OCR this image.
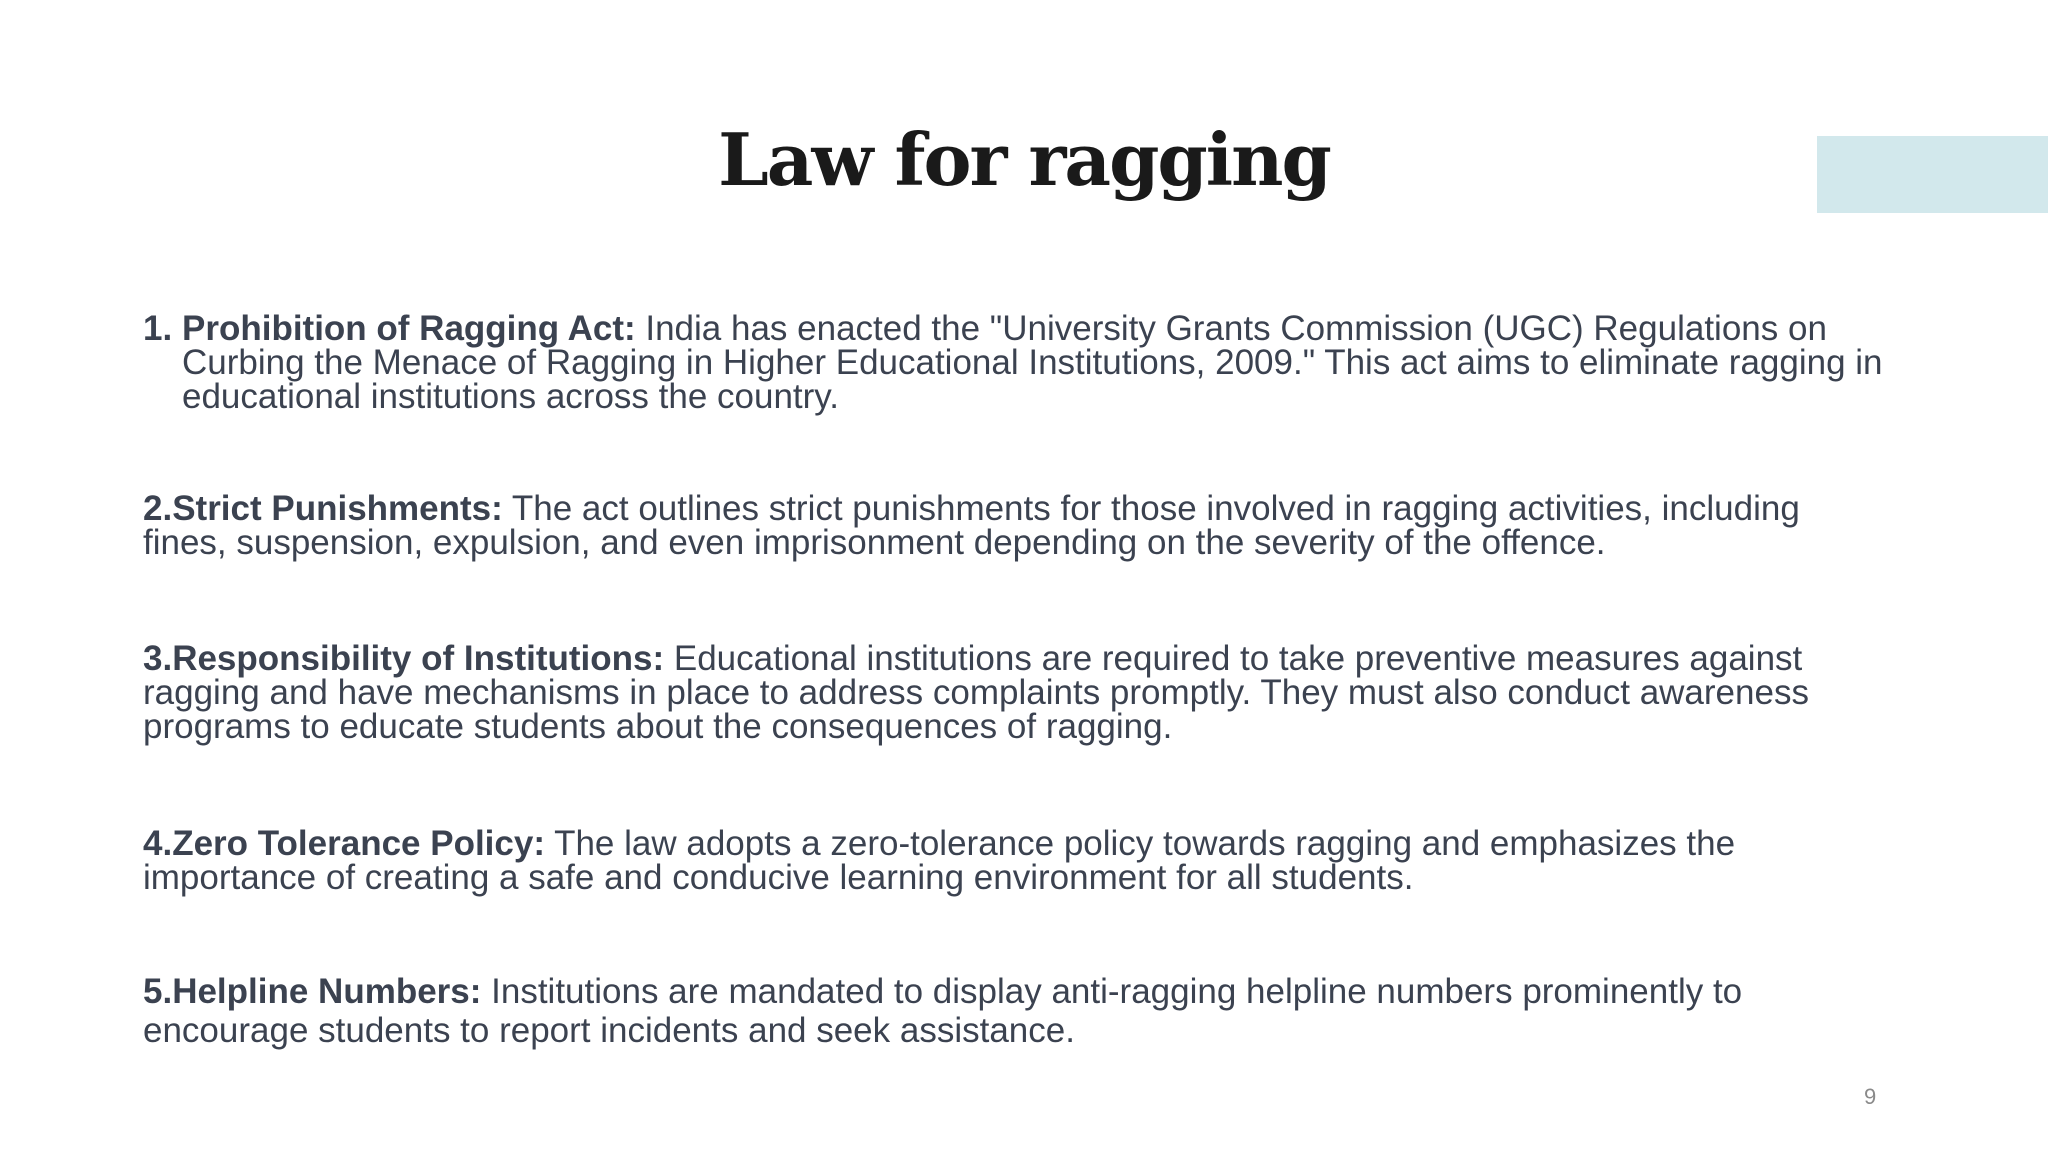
Law for ragging
1. Prohibition of Ragging Act: India has enacted the "University Grants Commission (UGC) Regulations on Curbing the Menace of Ragging in Higher Educational Institutions, 2009." This act aims to eliminate ragging in educational institutions across the country.
2.Strict Punishments: The act outlines strict punishments for those involved in ragging activities, including fines, suspension, expulsion, and even imprisonment depending on the severity of the offence.
3.Responsibility of Institutions: Educational institutions are required to take preventive measures against ragging and have mechanisms in place to address complaints promptly. They must also conduct awareness programs to educate students about the consequences of ragging.
4.Zero Tolerance Policy: The law adopts a zero-tolerance policy towards ragging and emphasizes the importance of creating a safe and conducive learning environment for all students.
5.Helpline Numbers: Institutions are mandated to display anti-ragging helpline numbers prominently to encourage students to report incidents and seek assistance.
9
